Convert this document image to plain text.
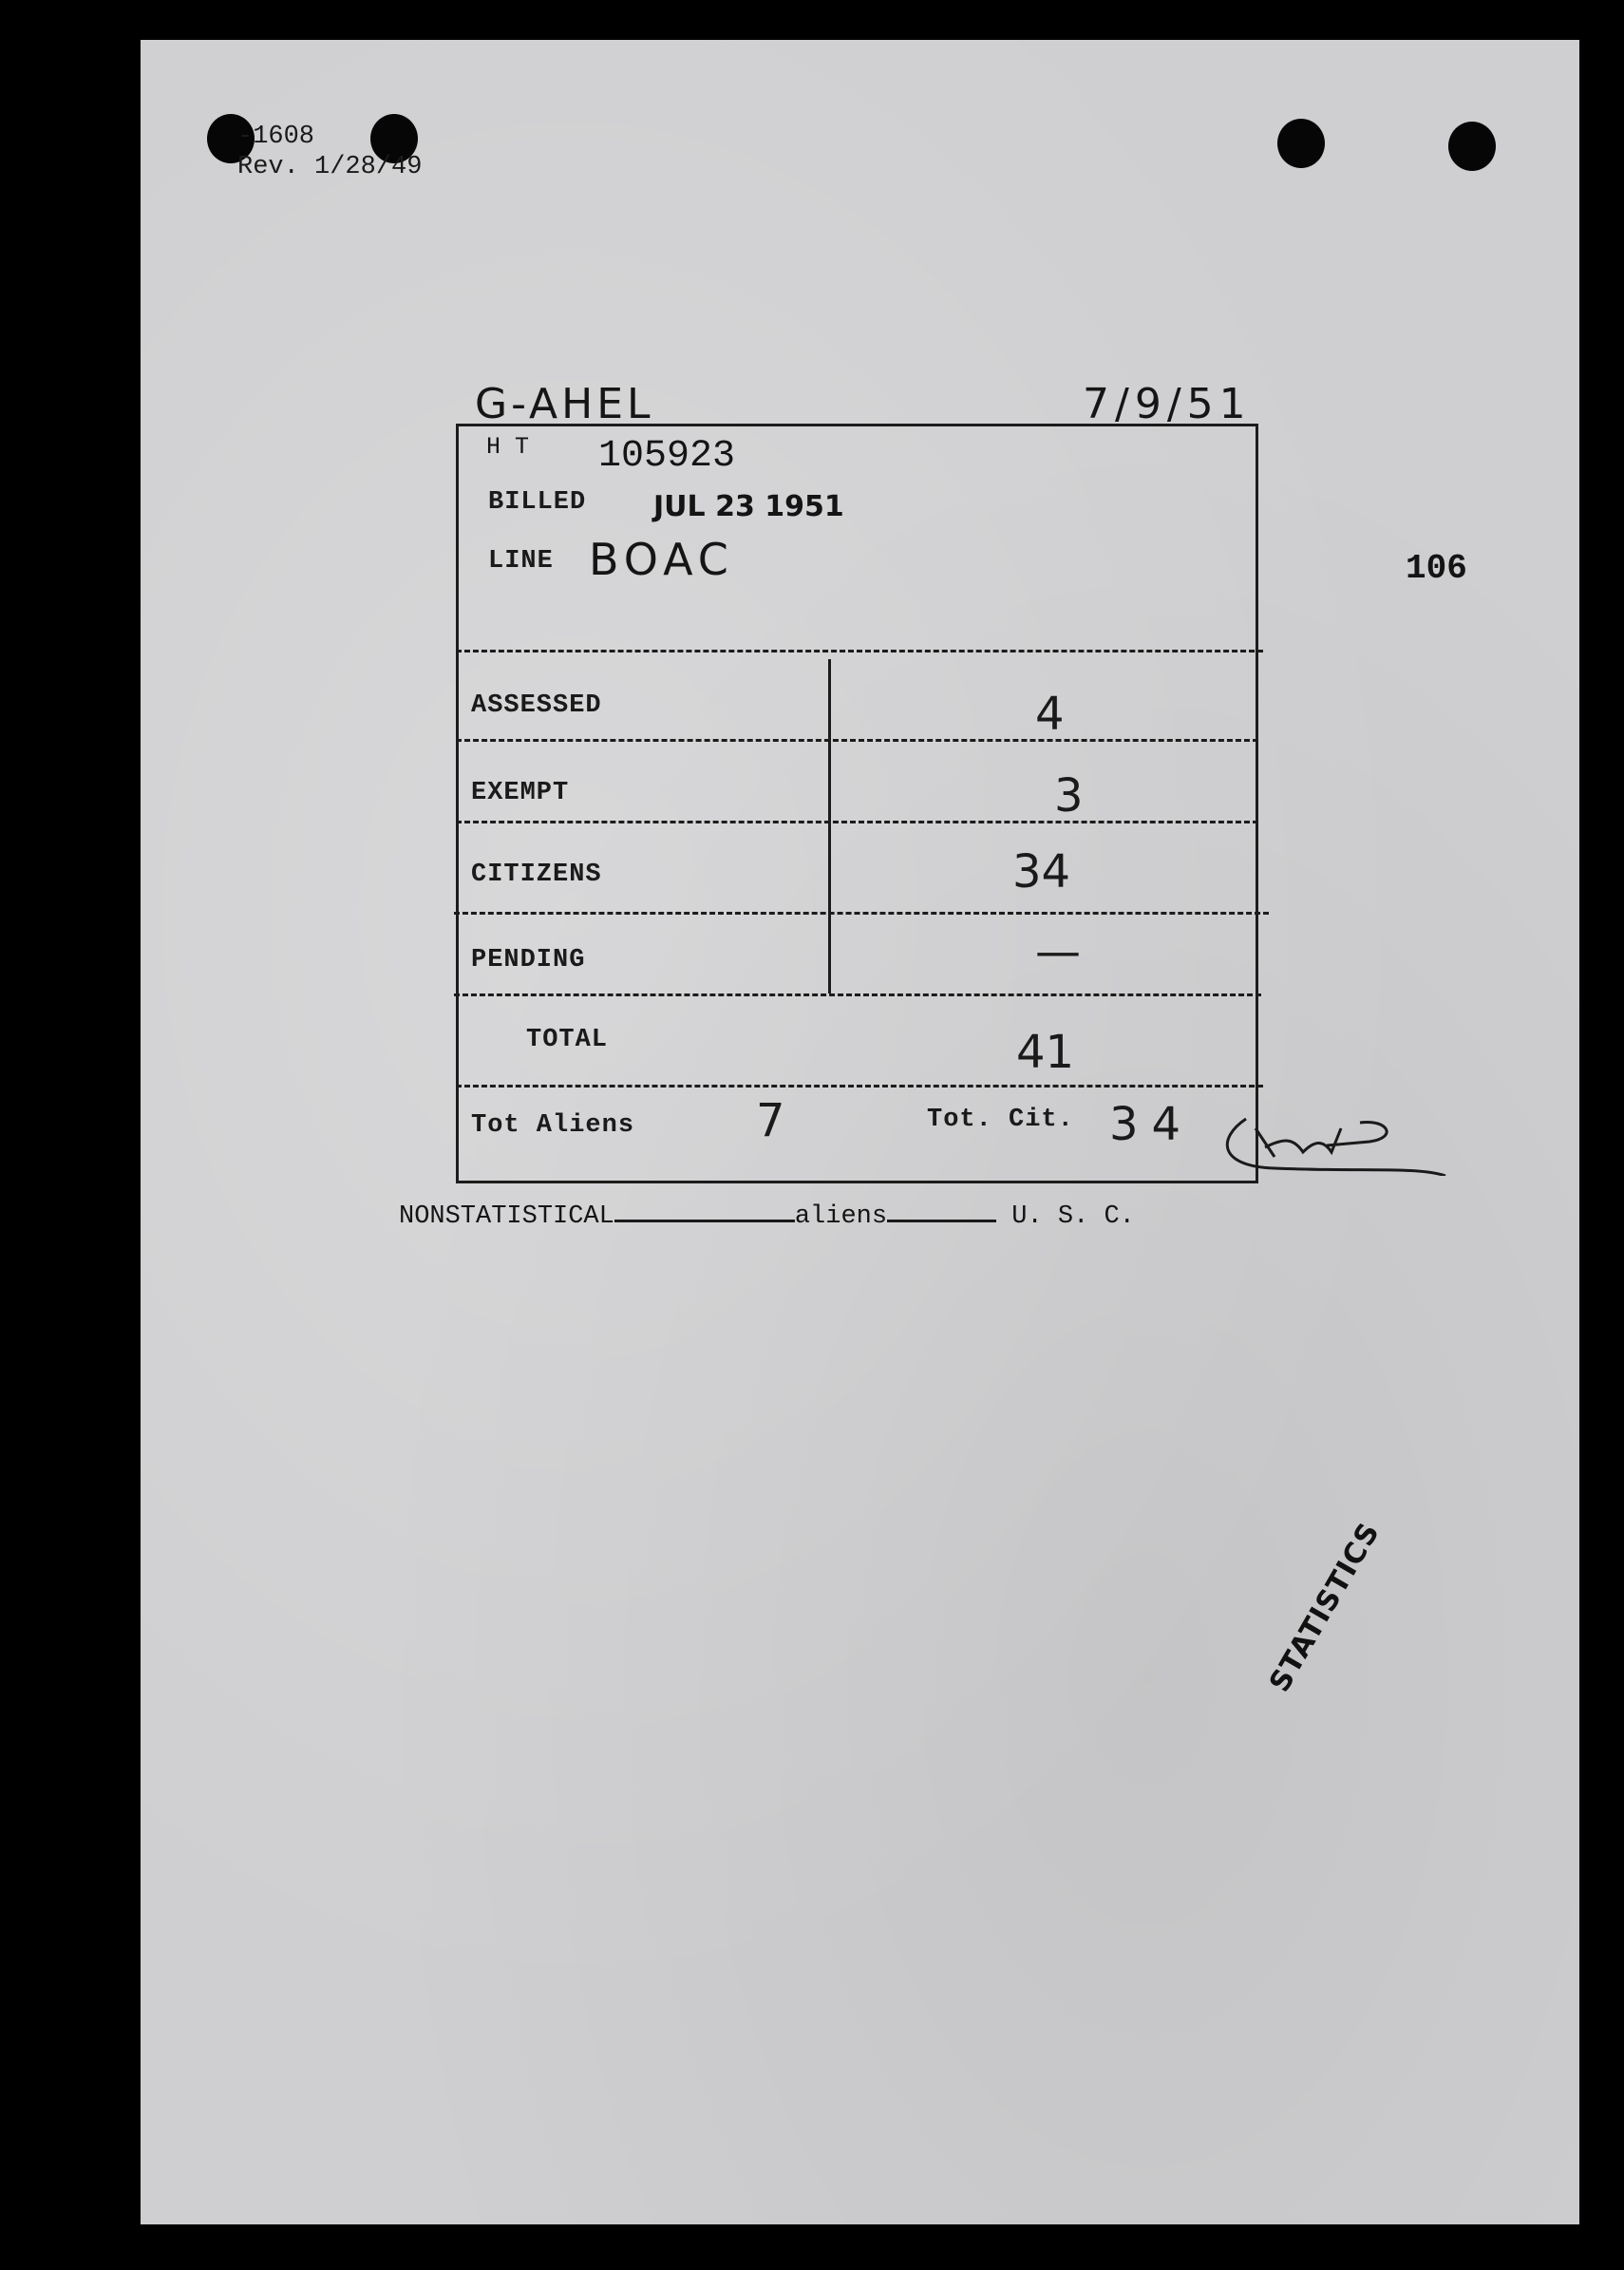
-1608
Rev. 1/28/49
G-AHEL	7/9/51
106
H T 105923
BILLED JUL 23 1951
LINE BOAC
ASSESSED	4
EXEMPT	3
CITIZENS	34
PENDING	—
TOTAL	41
Tot Aliens	7	Tot. Cit. 34
NONSTATISTICAL	aliens	U. S. C.
STATISTICS
